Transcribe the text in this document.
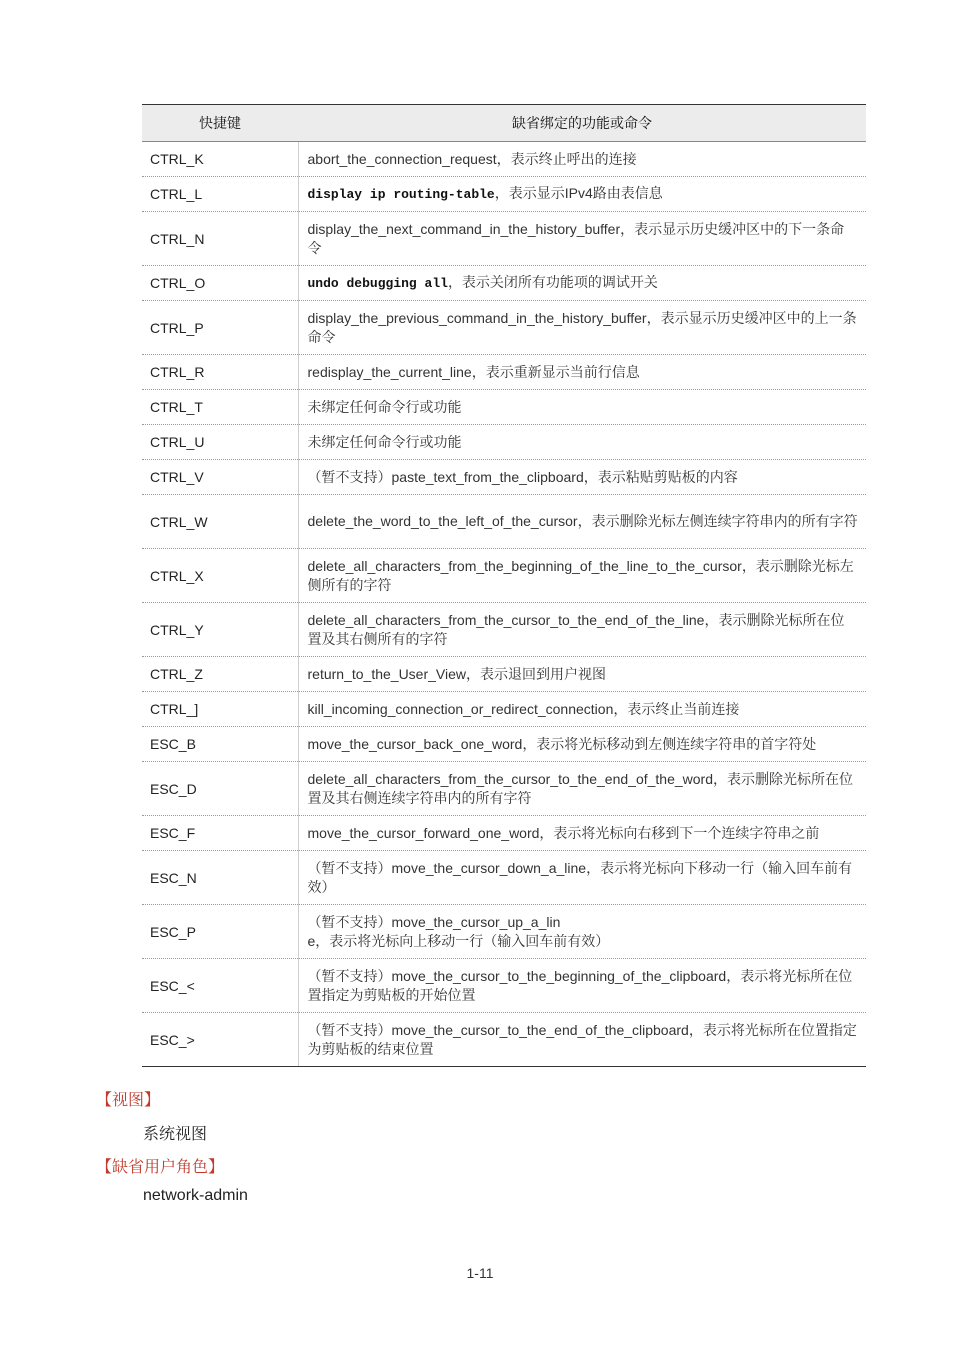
快捷键	缺省绑定的功能或命令
CTRL_K	abort_the_connection_request，表示终止呼出的连接
CTRL_L	display ip routing-table，表示显示IPv4路由表信息
CTRL_N	display_the_next_command_in_the_history_buffer，表示显示历史缓冲区中的下一条命令
CTRL_O	undo debugging all，表示关闭所有功能项的调试开关
CTRL_P	display_the_previous_command_in_the_history_buffer，表示显示历史缓冲区中的上一条命令
CTRL_R	redisplay_the_current_line，表示重新显示当前行信息
CTRL_T	未绑定任何命令行或功能
CTRL_U	未绑定任何命令行或功能
CTRL_V	（暂不支持）paste_text_from_the_clipboard，表示粘贴剪贴板的内容
CTRL_W	delete_the_word_to_the_left_of_the_cursor，表示删除光标左侧连续字符串内的所有字符
CTRL_X	delete_all_characters_from_the_beginning_of_the_line_to_the_cursor，表示删除光标左侧所有的字符
CTRL_Y	delete_all_characters_from_the_cursor_to_the_end_of_the_line，表示删除光标所在位置及其右侧所有的字符
CTRL_Z	return_to_the_User_View，表示退回到用户视图
CTRL_]	kill_incoming_connection_or_redirect_connection，表示终止当前连接
ESC_B	move_the_cursor_back_one_word，表示将光标移动到左侧连续字符串的首字符处
ESC_D	delete_all_characters_from_the_cursor_to_the_end_of_the_word，表示删除光标所在位置及其右侧连续字符串内的所有字符
ESC_F	move_the_cursor_forward_one_word，表示将光标向右移到下一个连续字符串之前
ESC_N	（暂不支持）move_the_cursor_down_a_line，表示将光标向下移动一行（输入回车前有效）
ESC_P	（暂不支持）move_the_cursor_up_a_line，表示将光标向上移动一行（输入回车前有效）
ESC_<	（暂不支持）move_the_cursor_to_the_beginning_of_the_clipboard，表示将光标所在位置指定为剪贴板的开始位置
ESC_>	（暂不支持）move_the_cursor_to_the_end_of_the_clipboard，表示将光标所在位置指定为剪贴板的结束位置
【视图】
系统视图
【缺省用户角色】
network-admin
1-11
